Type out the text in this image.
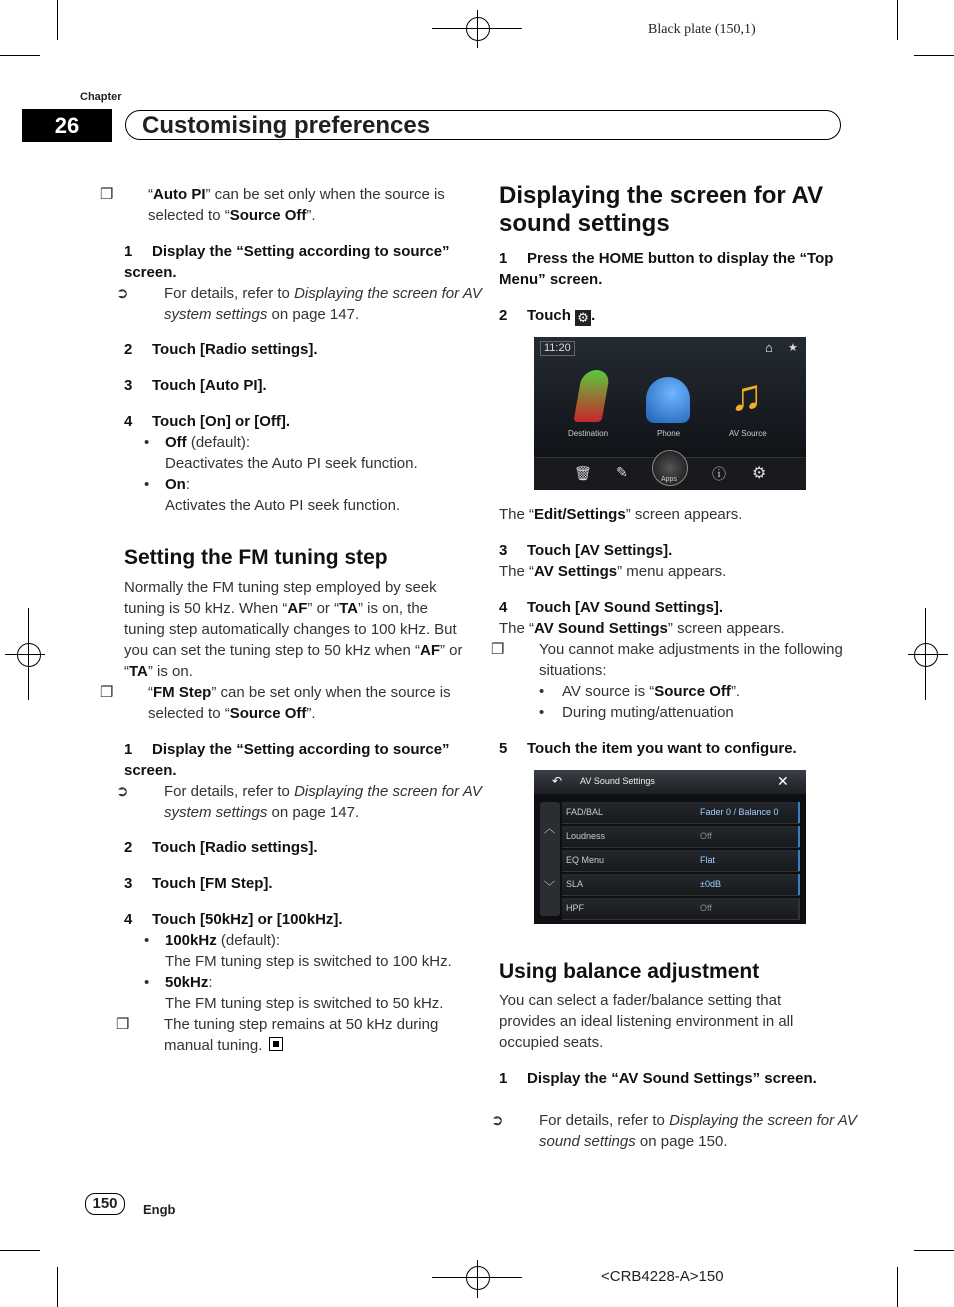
Black plate (150,1)
Chapter
26	Customising preferences
❒ “Auto PI” can be set only when the source is selected to “Source Off”.
1 Display the “Setting according to source” screen.
➲ For details, refer to Displaying the screen for AV system settings on page 147.
2 Touch [Radio settings].
3 Touch [Auto PI].
4 Touch [On] or [Off].
• Off (default):
Deactivates the Auto PI seek function.
• On:
Activates the Auto PI seek function.
Setting the FM tuning step
Normally the FM tuning step employed by seek tuning is 50 kHz. When “AF” or “TA” is on, the tuning step automatically changes to 100 kHz. But you can set the tuning step to 50 kHz when “AF” or “TA” is on.
❒ “FM Step” can be set only when the source is selected to “Source Off”.
1 Display the “Setting according to source” screen.
➲ For details, refer to Displaying the screen for AV system settings on page 147.
2 Touch [Radio settings].
3 Touch [FM Step].
4 Touch [50kHz] or [100kHz].
• 100kHz (default):
The FM tuning step is switched to 100 kHz.
• 50kHz:
The FM tuning step is switched to 50 kHz.
❒ The tuning step remains at 50 kHz during manual tuning.
Displaying the screen for AV sound settings
1 Press the HOME button to display the “Top Menu” screen.
2 Touch ⚙ .
11:20	⌂ ★
♫
Destination	Phone	AV Source
🗑 ✎	Apps	ⓘ ⚙
The “Edit/Settings” screen appears.
3 Touch [AV Settings].
The “AV Settings” menu appears.
4 Touch [AV Sound Settings].
The “AV Sound Settings” screen appears.
❒ You cannot make adjustments in the following situations:
• AV source is “Source Off”.
• During muting/attenuation
5 Touch the item you want to configure.
↶ AV Sound Settings	✕
︿
﹀
FAD/BAL	Fader 0 / Balance 0
Loudness	Off
EQ Menu	Flat
SLA	±0dB
HPF	Off
Using balance adjustment
You can select a fader/balance setting that provides an ideal listening environment in all occupied seats.
1 Display the “AV Sound Settings” screen.
➲ For details, refer to Displaying the screen for AV sound settings on page 150.
150	Engb
<CRB4228-A>150
